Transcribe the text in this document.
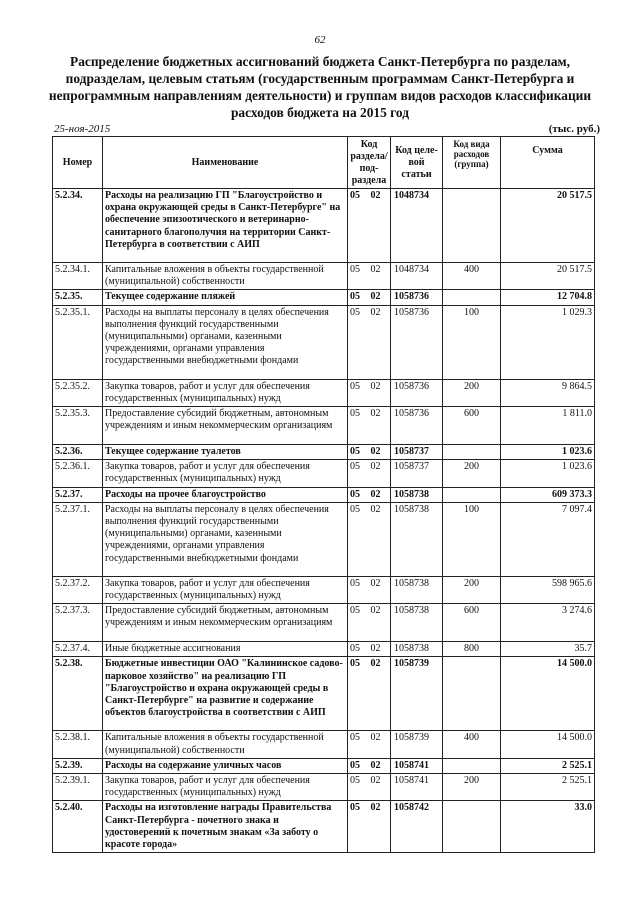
62
Распределение бюджетных ассигнований бюджета Санкт-Петербурга по разделам, подразделам, целевым статьям (государственным программам Санкт-Петербурга и непрограммным направлениям деятельности) и группам видов расходов классификации расходов бюджета на 2015 год
25-ноя-2015	(тыс. руб.)
Номер	Наименование	Код раздела/ под- раздела		Код целе- вой статьи	Код вида расходов (группа)	Сумма
5.2.34.	Расходы на реализацию ГП "Благоустройство и охрана окружающей среды в Санкт-Петербурге" на обеспечение эпизоотического и ветеринарно-санитарного благополучия на территории Санкт-Петербурга в соответствии с АИП	05	02	1048734		20 517.5
5.2.34.1.	Капитальные вложения в объекты государственной (муниципальной) собственности	05	02	1048734	400	20 517.5
5.2.35.	Текущее содержание пляжей	05	02	1058736		12 704.8
5.2.35.1.	Расходы на выплаты персоналу в целях обеспечения выполнения функций государственными (муниципальными) органами, казенными учреждениями, органами управления государственными внебюджетными фондами	05	02	1058736	100	1 029.3
5.2.35.2.	Закупка товаров, работ и услуг для обеспечения государственных (муниципальных) нужд	05	02	1058736	200	9 864.5
5.2.35.3.	Предоставление субсидий бюджетным, автономным учреждениям и иным некоммерческим организациям	05	02	1058736	600	1 811.0
5.2.36.	Текущее содержание туалетов	05	02	1058737		1 023.6
5.2.36.1.	Закупка товаров, работ и услуг для обеспечения государственных (муниципальных) нужд	05	02	1058737	200	1 023.6
5.2.37.	Расходы на прочее благоустройство	05	02	1058738		609 373.3
5.2.37.1.	Расходы на выплаты персоналу в целях обеспечения выполнения функций государственными (муниципальными) органами, казенными учреждениями, органами управления государственными внебюджетными фондами	05	02	1058738	100	7 097.4
5.2.37.2.	Закупка товаров, работ и услуг для обеспечения государственных (муниципальных) нужд	05	02	1058738	200	598 965.6
5.2.37.3.	Предоставление субсидий бюджетным, автономным учреждениям и иным некоммерческим организациям	05	02	1058738	600	3 274.6
5.2.37.4.	Иные бюджетные ассигнования	05	02	1058738	800	35.7
5.2.38.	Бюджетные инвестиции ОАО "Калининское садово-парковое хозяйство" на реализацию ГП "Благоустройство и охрана окружающей среды в Санкт-Петербурге" на развитие и содержание объектов благоустройства в соответствии с АИП	05	02	1058739		14 500.0
5.2.38.1.	Капитальные вложения в объекты государственной (муниципальной) собственности	05	02	1058739	400	14 500.0
5.2.39.	Расходы на содержание уличных часов	05	02	1058741		2 525.1
5.2.39.1.	Закупка товаров, работ и услуг для обеспечения государственных (муниципальных) нужд	05	02	1058741	200	2 525.1
5.2.40.	Расходы на изготовление награды Правительства Санкт-Петербурга - почетного знака и удостоверений к почетным знакам «За заботу о красоте города»	05	02	1058742		33.0
